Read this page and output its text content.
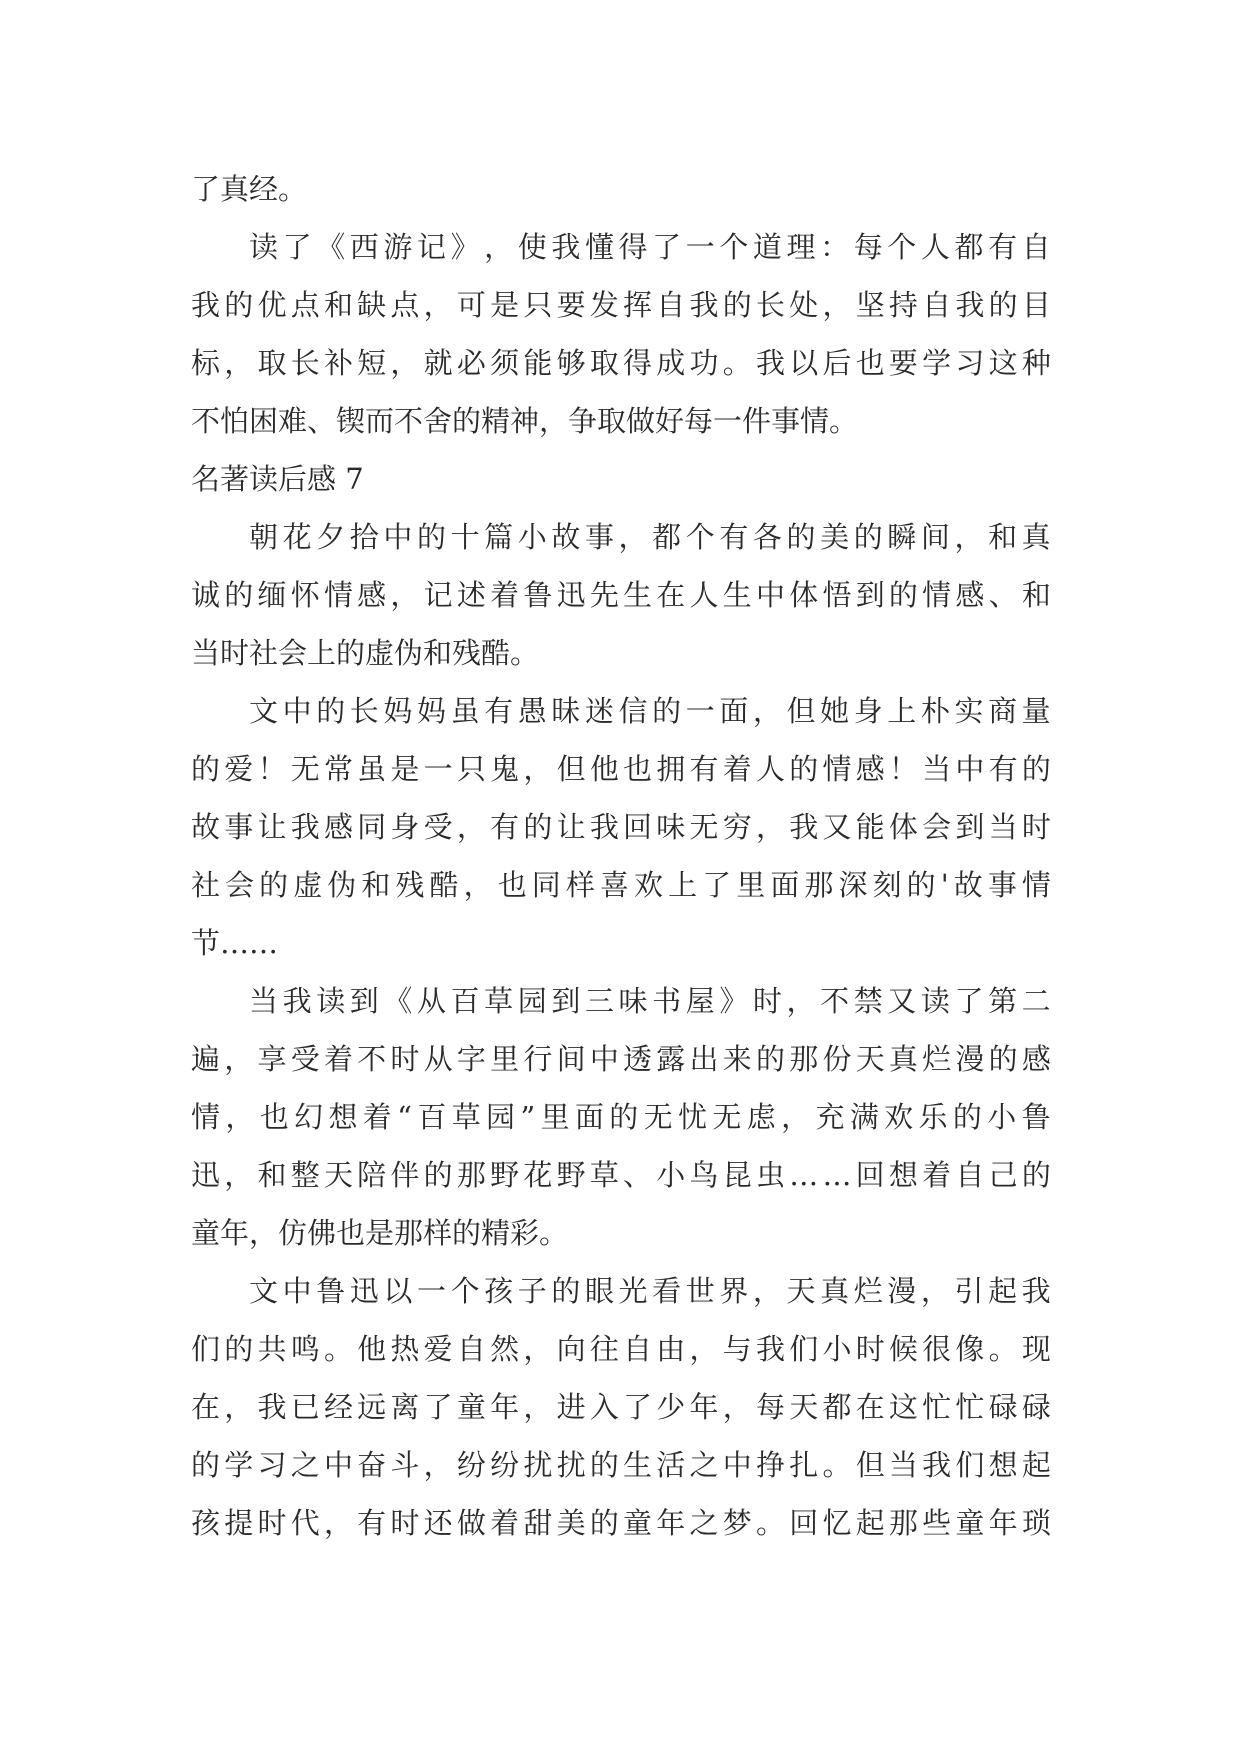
了真经。
读 了 《 西 游 记 》 ， 使 我 懂 得 了 一 个 道 理 ： 每 个 人 都 有 自
我 的 优 点 和 缺 点 ， 可 是 只 要 发 挥 自 我 的 长 处 ， 坚 持 自 我 的 目
标 ， 取 长 补 短 ， 就 必 须 能 够 取 得 成 功 。 我 以 后 也 要 学 习 这 种
不怕困难、锲而不舍的精神，争取做好每一件事情。
名著读后感 7
朝 花 夕 拾 中 的 十 篇 小 故 事 ， 都 个 有 各 的 美 的 瞬 间 ， 和 真
诚 的 缅 怀 情 感 ， 记 述 着 鲁 迅 先 生 在 人 生 中 体 悟 到 的 情 感 、 和
当时社会上的虚伪和残酷。
文 中 的 长 妈 妈 虽 有 愚 昧 迷 信 的 一 面 ， 但 她 身 上 朴 实 商 量
的 爱 ！ 无 常 虽 是 一 只 鬼 ， 但 他 也 拥 有 着 人 的 情 感 ！ 当 中 有 的
故 事 让 我 感 同 身 受 ， 有 的 让 我 回 味 无 穷 ， 我 又 能 体 会 到 当 时
社 会 的 虚 伪 和 残 酷 ， 也 同 样 喜 欢 上 了 里 面 那 深 刻 的 ' 故 事 情
节……
当 我 读 到 《 从 百 草 园 到 三 味 书 屋 》 时 ， 不 禁 又 读 了 第 二
遍 ， 享 受 着 不 时 从 字 里 行 间 中 透 露 出 来 的 那 份 天 真 烂 漫 的 感
情 ， 也 幻 想 着 “ 百 草 园 ” 里 面 的 无 忧 无 虑 ， 充 满 欢 乐 的 小 鲁
迅 ， 和 整 天 陪 伴 的 那 野 花 野 草 、 小 鸟 昆 虫 … … 回 想 着 自 己 的
童年，仿佛也是那样的精彩。
文 中 鲁 迅 以 一 个 孩 子 的 眼 光 看 世 界 ， 天 真 烂 漫 ， 引 起 我
们 的 共 鸣 。 他 热 爱 自 然 ， 向 往 自 由 ， 与 我 们 小 时 候 很 像 。 现
在 ， 我 已 经 远 离 了 童 年 ， 进 入 了 少 年 ， 每 天 都 在 这 忙 忙 碌 碌
的 学 习 之 中 奋 斗 ， 纷 纷 扰 扰 的 生 活 之 中 挣 扎 。 但 当 我 们 想 起
孩 提 时 代 ， 有 时 还 做 着 甜 美 的 童 年 之 梦 。 回 忆 起 那 些 童 年 琐
